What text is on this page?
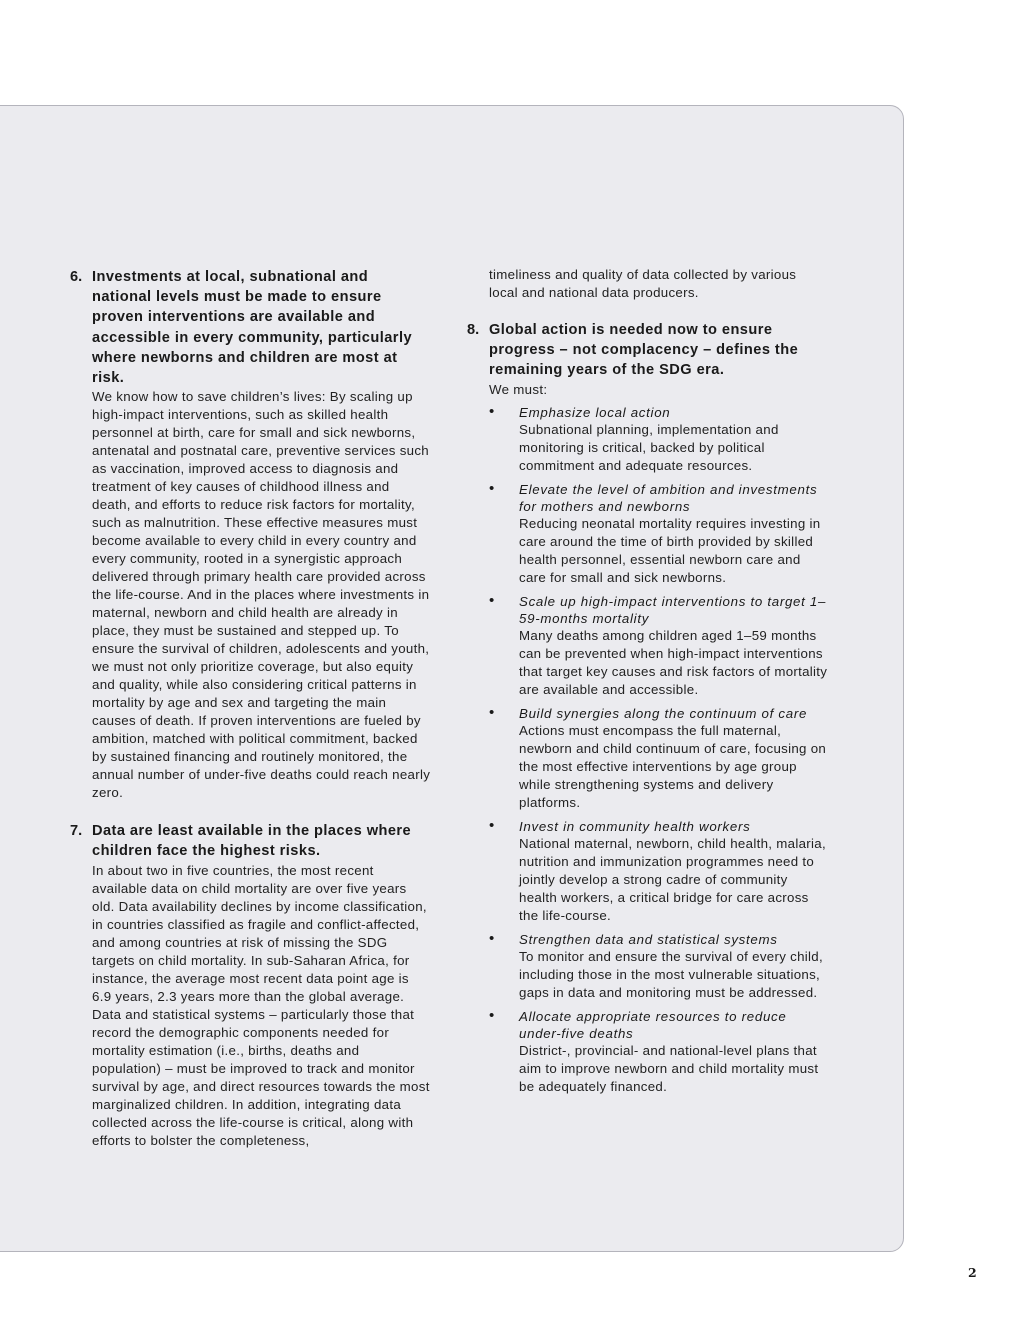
6. Investments at local, subnational and national levels must be made to ensure proven interventions are available and accessible in every community, particularly where newborns and children are most at risk.
We know how to save children’s lives: By scaling up high-impact interventions, such as skilled health personnel at birth, care for small and sick newborns, antenatal and postnatal care, preventive services such as vaccination, improved access to diagnosis and treatment of key causes of childhood illness and death, and efforts to reduce risk factors for mortality, such as malnutrition. These effective measures must become available to every child in every country and every community, rooted in a synergistic approach delivered through primary health care provided across the life-course. And in the places where investments in maternal, newborn and child health are already in place, they must be sustained and stepped up. To ensure the survival of children, adolescents and youth, we must not only prioritize coverage, but also equity and quality, while also considering critical patterns in mortality by age and sex and targeting the main causes of death. If proven interventions are fueled by ambition, matched with political commitment, backed by sustained financing and routinely monitored, the annual number of under-five deaths could reach nearly zero.
7. Data are least available in the places where children face the highest risks.
In about two in five countries, the most recent available data on child mortality are over five years old. Data availability declines by income classification, in countries classified as fragile and conflict-affected, and among countries at risk of missing the SDG targets on child mortality. In sub-Saharan Africa, for instance, the average most recent data point age is 6.9 years, 2.3 years more than the global average. Data and statistical systems – particularly those that record the demographic components needed for mortality estimation (i.e., births, deaths and population) – must be improved to track and monitor survival by age, and direct resources towards the most marginalized children. In addition, integrating data collected across the life-course is critical, along with efforts to bolster the completeness,
timeliness and quality of data collected by various local and national data producers.
8. Global action is needed now to ensure progress – not complacency – defines the remaining years of the SDG era.
We must:
• Emphasize local action
Subnational planning, implementation and monitoring is critical, backed by political commitment and adequate resources.
• Elevate the level of ambition and investments for mothers and newborns
Reducing neonatal mortality requires investing in care around the time of birth provided by skilled health personnel, essential newborn care and care for small and sick newborns.
• Scale up high-impact interventions to target 1–59-months mortality
Many deaths among children aged 1–59 months can be prevented when high-impact interventions that target key causes and risk factors of mortality are available and accessible.
• Build synergies along the continuum of care
Actions must encompass the full maternal, newborn and child continuum of care, focusing on the most effective interventions by age group while strengthening systems and delivery platforms.
• Invest in community health workers
National maternal, newborn, child health, malaria, nutrition and immunization programmes need to jointly develop a strong cadre of community health workers, a critical bridge for care across the life-course.
• Strengthen data and statistical systems
To monitor and ensure the survival of every child, including those in the most vulnerable situations, gaps in data and monitoring must be addressed.
• Allocate appropriate resources to reduce under-five deaths
District-, provincial- and national-level plans that aim to improve newborn and child mortality must be adequately financed.
2
